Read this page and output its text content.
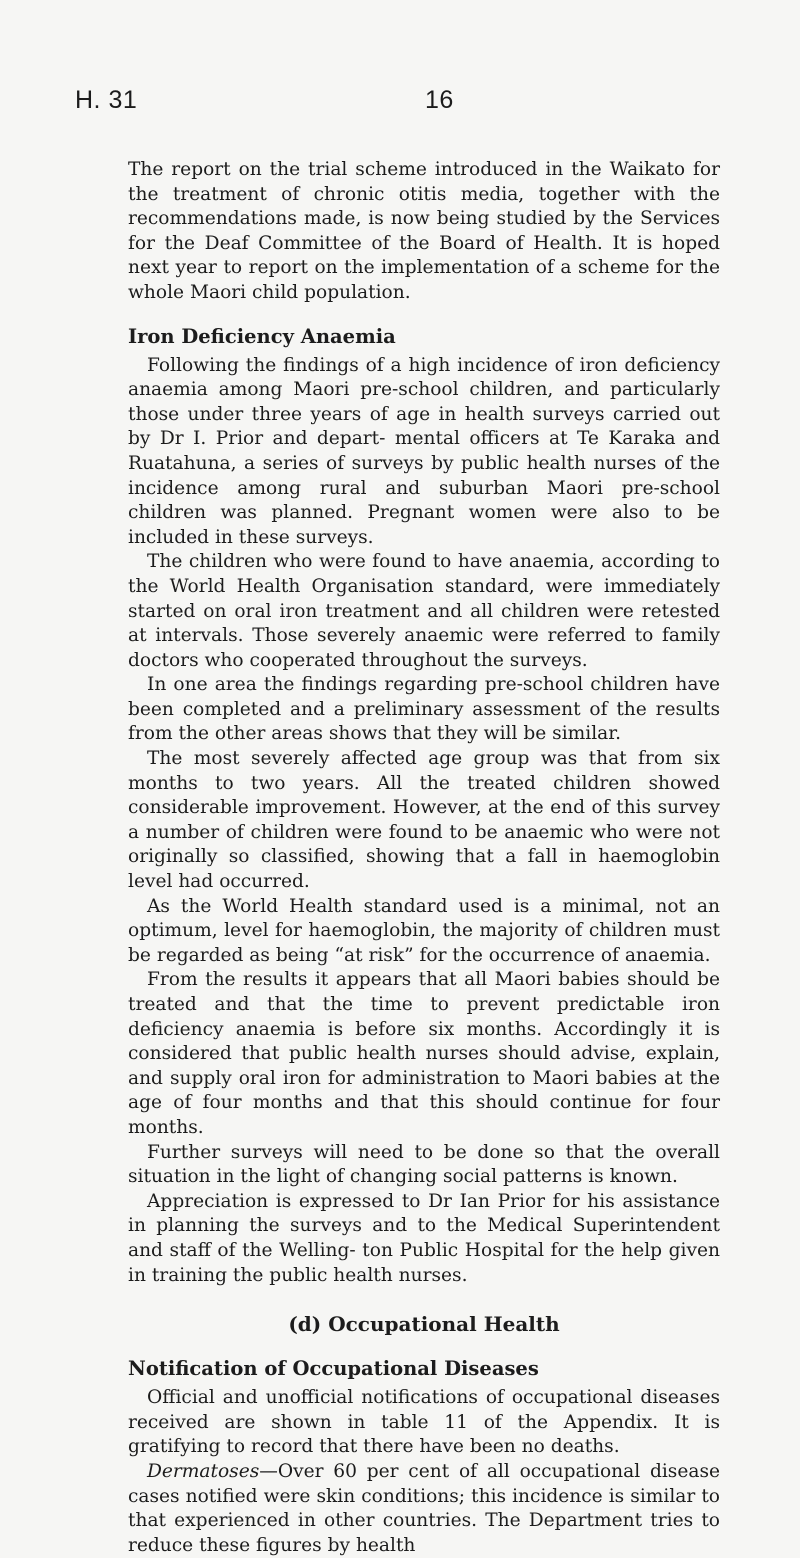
H. 31	16

The report on the trial scheme introduced in the Waikato for the treatment of chronic otitis media, together with the recommendations made, is now being studied by the Services for the Deaf Committee of the Board of Health. It is hoped next year to report on the implementation of a scheme for the whole Maori child population.

Iron Deficiency Anaemia

Following the findings of a high incidence of iron deficiency anaemia among Maori pre-school children, and particularly those under three years of age in health surveys carried out by Dr I. Prior and depart- mental officers at Te Karaka and Ruatahuna, a series of surveys by public health nurses of the incidence among rural and suburban Maori pre-school children was planned. Pregnant women were also to be included in these surveys.

The children who were found to have anaemia, according to the World Health Organisation standard, were immediately started on oral iron treatment and all children were retested at intervals. Those severely anaemic were referred to family doctors who cooperated throughout the surveys.

In one area the findings regarding pre-school children have been completed and a preliminary assessment of the results from the other areas shows that they will be similar.

The most severely affected age group was that from six months to two years. All the treated children showed considerable improvement. However, at the end of this survey a number of children were found to be anaemic who were not originally so classified, showing that a fall in haemoglobin level had occurred.

As the World Health standard used is a minimal, not an optimum, level for haemoglobin, the majority of children must be regarded as being “at risk” for the occurrence of anaemia.

From the results it appears that all Maori babies should be treated and that the time to prevent predictable iron deficiency anaemia is before six months. Accordingly it is considered that public health nurses should advise, explain, and supply oral iron for administration to Maori babies at the age of four months and that this should continue for four months.

Further surveys will need to be done so that the overall situation in the light of changing social patterns is known.

Appreciation is expressed to Dr Ian Prior for his assistance in planning the surveys and to the Medical Superintendent and staff of the Welling- ton Public Hospital for the help given in training the public health nurses.

(d) Occupational Health
Notification of Occupational Diseases

Official and unofficial notifications of occupational diseases received are shown in table 11 of the Appendix. It is gratifying to record that there have been no deaths.

Dermatoses—Over 60 per cent of all occupational disease cases notified were skin conditions; this incidence is similar to that experienced in other countries. The Department tries to reduce these figures by health
